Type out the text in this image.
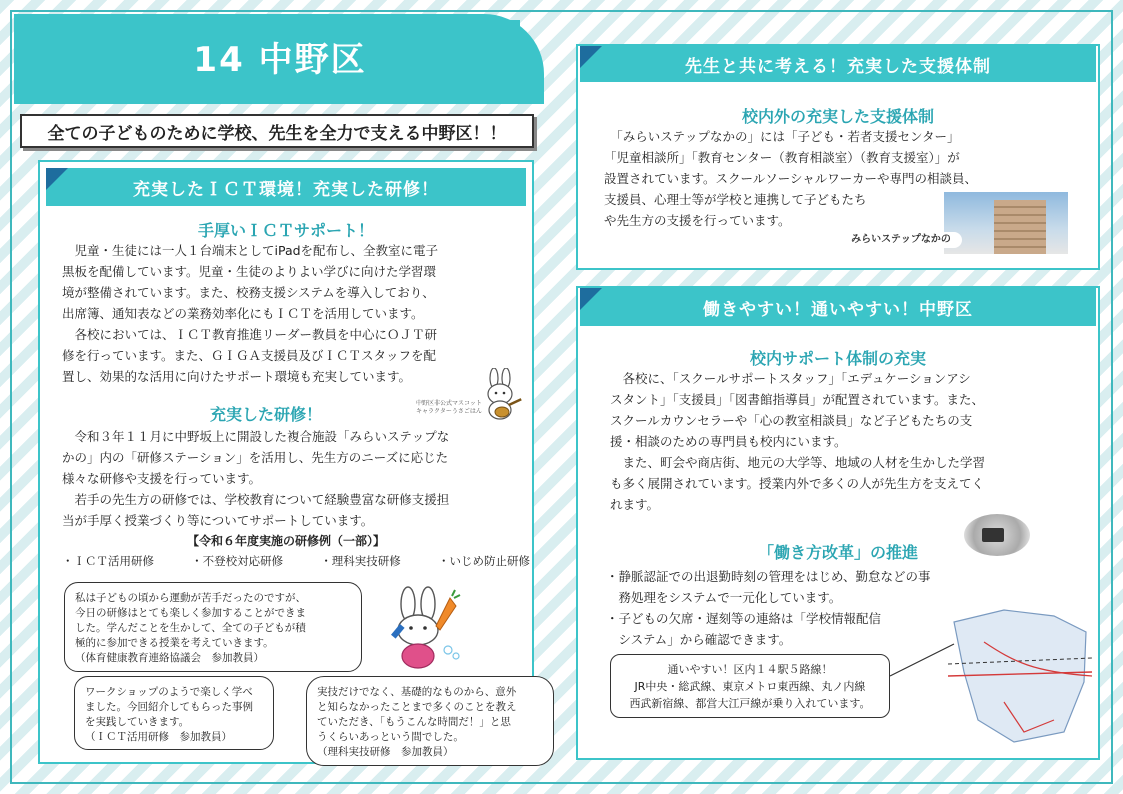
14 中野区
全ての子どものために学校、先生を全力で支える中野区！！
充実したＩＣＴ環境！充実した研修！
手厚いＩＣＴサポート！

　児童・生徒には一人１台端末としてiPadを配布し、全教室に電子

黒板を配備しています。児童・生徒のよりよい学びに向けた学習環

境が整備されています。また、校務支援システムを導入しており、

出席簿、通知表などの業務効率化にもＩＣＴを活用しています。

　各校においては、ＩＣＴ教育推進リーダー教員を中心にＯＪＴ研

修を行っています。また、ＧＩＧＡ支援員及びＩＣＴスタッフを配

置し、効果的な活用に向けたサポート環境も充実しています。

中野区非公式マスコットキャラクターうさごはん
充実した研修！

　令和３年１１月に中野坂上に開設した複合施設「みらいステップな

かの」内の「研修ステーション」を活用し、先生方のニーズに応じた

様々な研修や支援を行っています。

　若手の先生方の研修では、学校教育について経験豊富な研修支援担

当が手厚く授業づくり等についてサポートしています。

【令和６年度実施の研修例（一部）】
・ＩＣＴ活用研修	・不登校対応研修	・理科実技研修	・いじめ防止研修

私は子どもの頃から運動が苦手だったのですが、

今日の研修はとても楽しく参加することができま

した。学んだことを生かして、全ての子どもが積

極的に参加できる授業を考えていきます。

（体育健康教育連絡協議会　参加教員）

ワークショップのようで楽しく学べ

ました。今回紹介してもらった事例

を実践していきます。

（ＩＣＴ活用研修　参加教員）

実技だけでなく、基礎的なものから、意外

と知らなかったことまで多くのことを教え

ていただき、「もうこんな時間だ！」と思

うくらいあっという間でした。

（理科実技研修　参加教員）

先生と共に考える！充実した支援体制
校内外の充実した支援体制

　「みらいステップなかの」には「子ども・若者支援センター」

「児童相談所」「教育センター（教育相談室）（教育支援室）」が

設置されています。スクールソーシャルワーカーや専門の相談員、

支援員、心理士等が学校と連携して子どもたち

や先生方の支援を行っています。

みらいステップなかの
働きやすい！通いやすい！中野区
校内サポート体制の充実

　各校に、「スクールサポートスタッフ」「エデュケーションアシ

スタント」「支援員」「図書館指導員」が配置されています。また、

スクールカウンセラーや「心の教室相談員」など子どもたちの支

援・相談のための専門員も校内にいます。

　また、町会や商店街、地元の大学等、地域の人材を生かした学習

も多く展開されています。授業内外で多くの人が先生方を支えてく

れます。

「働き方改革」の推進

・静脈認証での出退勤時刻の管理をはじめ、勤怠などの事

　務処理をシステムで一元化しています。

・子どもの欠席・遅刻等の連絡は「学校情報配信

　システム」から確認できます。

通いやすい！区内１４駅５路線！

JR中央・総武線、東京メトロ東西線、丸ノ内線

西武新宿線、都営大江戸線が乗り入れています。
